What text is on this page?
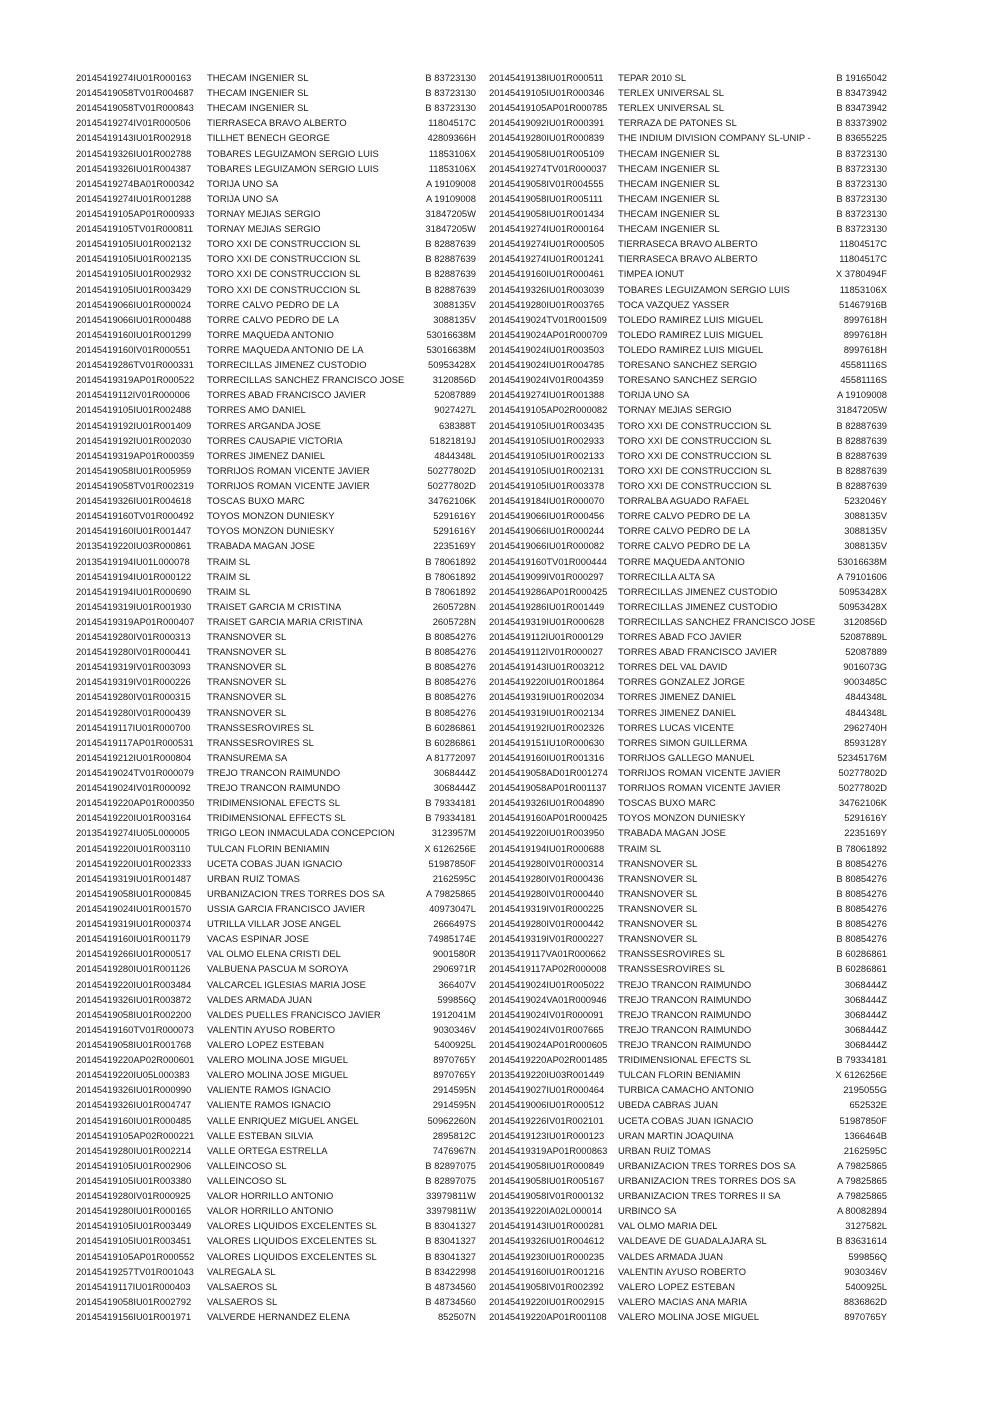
20145419274IU01R000163	THECAM INGENIER SL	B 83723130
20145419058TV01R004687	THECAM INGENIER SL	B 83723130
20145419058TV01R000843	THECAM INGENIER SL	B 83723130
20145419274IV01R000506	TIERRASECA BRAVO ALBERTO	11804517C
20145419143IU01R002918	TILLHET BENECH GEORGE	42809366H
20145419326IU01R002788	TOBARES LEGUIZAMON SERGIO LUIS	11853106X
20145419326IU01R004387	TOBARES LEGUIZAMON SERGIO LUIS	11853106X
20145419274BA01R000342	TORIJA UNO SA	A 19109008
20145419274IU01R001288	TORIJA UNO SA	A 19109008
20145419105AP01R000933	TORNAY MEJIAS SERGIO	31847205W
20145419105TV01R000811	TORNAY MEJIAS SERGIO	31847205W
20145419105IU01R002132	TORO XXI DE CONSTRUCCION SL	B 82887639
20145419105IU01R002135	TORO XXI DE CONSTRUCCION SL	B 82887639
20145419105IU01R002932	TORO XXI DE CONSTRUCCION SL	B 82887639
20145419105IU01R003429	TORO XXI DE CONSTRUCCION SL	B 82887639
20145419066IU01R000024	TORRE CALVO PEDRO DE LA	3088135V
20145419066IU01R000488	TORRE CALVO PEDRO DE LA	3088135V
20145419160IU01R001299	TORRE MAQUEDA ANTONIO	53016638M
20145419160IV01R000551	TORRE MAQUEDA ANTONIO DE LA	53016638M
20145419286TV01R000331	TORRECILLAS JIMENEZ CUSTODIO	50953428X
20145419319AP01R000522	TORRECILLAS SANCHEZ FRANCISCO JOSE	3120856D
20145419112IV01R000006	TORRES ABAD FRANCISCO JAVIER	52087889
20145419105IU01R002488	TORRES AMO DANIEL	9027427L
20145419192IU01R001409	TORRES ARGANDA JOSE	638388T
20145419192IU01R002030	TORRES CAUSAPIE VICTORIA	51821819J
20145419319AP01R000359	TORRES JIMENEZ DANIEL	4844348L
20145419058IU01R005959	TORRIJOS ROMAN VICENTE JAVIER	50277802D
20145419058TV01R002319	TORRIJOS ROMAN VICENTE JAVIER	50277802D
20145419326IU01R004618	TOSCAS BUXO MARC	34762106K
20145419160TV01R000492	TOYOS MONZON DUNIESKY	5291616Y
20145419160IU01R001447	TOYOS MONZON DUNIESKY	5291616Y
20135419220IU03R000861	TRABADA MAGAN JOSE	2235169Y
20135419194IU01L000078	TRAIM SL	B 78061892
20145419194IU01R000122	TRAIM SL	B 78061892
20145419194IU01R000690	TRAIM SL	B 78061892
20145419319IU01R001930	TRAISET GARCIA M CRISTINA	2605728N
20145419319AP01R000407	TRAISET GARCIA MARIA CRISTINA	2605728N
20145419280IV01R000313	TRANSNOVER SL	B 80854276
20145419280IV01R000441	TRANSNOVER SL	B 80854276
20145419319IV01R003093	TRANSNOVER SL	B 80854276
20145419319IV01R000226	TRANSNOVER SL	B 80854276
20145419280IV01R000315	TRANSNOVER SL	B 80854276
20145419280IV01R000439	TRANSNOVER SL	B 80854276
20145419117IU01R000700	TRANSSESROVIRES SL	B 60286861
20145419117AP01R000531	TRANSSESROVIRES SL	B 60286861
20145419212IU01R000804	TRANSUREMA SA	A 81772097
20145419024TV01R000079	TREJO TRANCON RAIMUNDO	3068444Z
20145419024IV01R000092	TREJO TRANCON RAIMUNDO	3068444Z
20145419220AP01R000350	TRIDIMENSIONAL EFECTS SL	B 79334181
20145419220IU01R003164	TRIDIMENSIONAL EFFECTS SL	B 79334181
20135419274IU05L000005	TRIGO LEON INMACULADA CONCEPCION	3123957M
20145419220IU01R003110	TULCAN FLORIN BENIAMIN	X 6126256E
20145419220IU01R002333	UCETA COBAS JUAN IGNACIO	51987850F
20145419319IU01R001487	URBAN RUIZ TOMAS	2162595C
20145419058IU01R000845	URBANIZACION TRES TORRES DOS SA	A 79825865
20145419024IU01R001570	USSIA GARCIA FRANCISCO JAVIER	40973047L
20145419319IU01R000374	UTRILLA VILLAR JOSE ANGEL	2666497S
20145419160IU01R001179	VACAS ESPINAR JOSE	74985174E
20145419266IU01R000517	VAL OLMO ELENA CRISTI DEL	9001580R
20145419280IU01R001126	VALBUENA PASCUA M SOROYA	2906971R
20145419220IU01R003484	VALCARCEL IGLESIAS MARIA JOSE	366407V
20145419326IU01R003872	VALDES ARMADA JUAN	599856Q
20145419058IU01R002200	VALDES PUELLES FRANCISCO JAVIER	1912041M
20145419160TV01R000073	VALENTIN AYUSO ROBERTO	9030346V
20145419058IU01R001768	VALERO LOPEZ ESTEBAN	5400925L
20145419220AP02R000601	VALERO MOLINA JOSE MIGUEL	8970765Y
20145419220IU05L000383	VALERO MOLINA JOSE MIGUEL	8970765Y
20145419326IU01R000990	VALIENTE RAMOS IGNACIO	2914595N
20145419326IU01R004747	VALIENTE RAMOS IGNACIO	2914595N
20145419160IU01R000485	VALLE ENRIQUEZ MIGUEL ANGEL	50962260N
20145419105AP02R000221	VALLE ESTEBAN SILVIA	2895812C
20145419280IU01R002214	VALLE ORTEGA ESTRELLA	7476967N
20145419105IU01R002906	VALLEINCOSO SL	B 82897075
20145419105IU01R003380	VALLEINCOSO SL	B 82897075
20145419280IV01R000925	VALOR HORRILLO ANTONIO	33979811W
20145419280IU01R000165	VALOR HORRILLO ANTONIO	33979811W
20145419105IU01R003449	VALORES LIQUIDOS EXCELENTES SL	B 83041327
20145419105IU01R003451	VALORES LIQUIDOS EXCELENTES SL	B 83041327
20145419105AP01R000552	VALORES LIQUIDOS EXCELENTES SL	B 83041327
20145419257TV01R001043	VALREGALA SL	B 83422998
20145419117IU01R000403	VALSAEROS SL	B 48734560
20145419058IU01R002792	VALSAEROS SL	B 48734560
20145419156IU01R001971	VALVERDE HERNANDEZ ELENA	852507N
20145419138IU01R000511	TEPAR 2010 SL	B 19165042
20145419105IU01R000346	TERLEX UNIVERSAL SL	B 83473942
20145419105AP01R000785	TERLEX UNIVERSAL SL	B 83473942
20145419092IU01R000391	TERRAZA DE PATONES SL	B 83373902
20145419280IU01R000839	THE INDIUM DIVISION COMPANY SL-UNIP -	B 83655225
20145419058IU01R005109	THECAM INGENIER SL	B 83723130
20145419274TV01R000037	THECAM INGENIER SL	B 83723130
20145419058IV01R004555	THECAM INGENIER SL	B 83723130
20145419058IU01R005111	THECAM INGENIER SL	B 83723130
20145419058IU01R001434	THECAM INGENIER SL	B 83723130
20145419274IU01R000164	THECAM INGENIER SL	B 83723130
20145419274IU01R000505	TIERRASECA BRAVO ALBERTO	11804517C
20145419274IU01R001241	TIERRASECA BRAVO ALBERTO	11804517C
20145419160IU01R000461	TIMPEA IONUT	X 3780494F
20145419326IU01R003039	TOBARES LEGUIZAMON SERGIO LUIS	11853106X
20145419280IU01R003765	TOCA VAZQUEZ YASSER	51467916B
20145419024TV01R001509	TOLEDO RAMIREZ LUIS MIGUEL	8997618H
20145419024AP01R000709	TOLEDO RAMIREZ LUIS MIGUEL	8997618H
20145419024IU01R003503	TOLEDO RAMIREZ LUIS MIGUEL	8997618H
20145419024IU01R004785	TORESANO SANCHEZ SERGIO	45581116S
20145419024IV01R004359	TORESANO SANCHEZ SERGIO	45581116S
20145419274IU01R001388	TORIJA UNO SA	A 19109008
20145419105AP02R000082	TORNAY MEJIAS SERGIO	31847205W
20145419105IU01R003435	TORO XXI DE CONSTRUCCION SL	B 82887639
20145419105IU01R002933	TORO XXI DE CONSTRUCCION SL	B 82887639
20145419105IU01R002133	TORO XXI DE CONSTRUCCION SL	B 82887639
20145419105IU01R002131	TORO XXI DE CONSTRUCCION SL	B 82887639
20145419105IU01R003378	TORO XXI DE CONSTRUCCION SL	B 82887639
20145419184IU01R000070	TORRALBA AGUADO RAFAEL	5232046Y
20145419066IU01R000456	TORRE CALVO PEDRO DE LA	3088135V
20145419066IU01R000244	TORRE CALVO PEDRO DE LA	3088135V
20145419066IU01R000082	TORRE CALVO PEDRO DE LA	3088135V
20145419160TV01R000444	TORRE MAQUEDA ANTONIO	53016638M
20145419099IV01R000297	TORRECILLA ALTA SA	A 79101606
20145419286AP01R000425	TORRECILLAS JIMENEZ CUSTODIO	50953428X
20145419286IU01R001449	TORRECILLAS JIMENEZ CUSTODIO	50953428X
20145419319IU01R000628	TORRECILLAS SANCHEZ FRANCISCO JOSE	3120856D
20145419112IU01R000129	TORRES ABAD FCO JAVIER	52087889L
20145419112IV01R000027	TORRES ABAD FRANCISCO JAVIER	52087889
20145419143IU01R003212	TORRES DEL VAL DAVID	9016073G
20145419220IU01R001864	TORRES GONZALEZ JORGE	9003485C
20145419319IU01R002034	TORRES JIMENEZ DANIEL	4844348L
20145419319IU01R002134	TORRES JIMENEZ DANIEL	4844348L
20145419192IU01R002326	TORRES LUCAS VICENTE	2962740H
20145419151IU10R000630	TORRES SIMON GUILLERMA	8593128Y
20145419160IU01R001316	TORRIJOS GALLEGO MANUEL	52345176M
20145419058AD01R001274	TORRIJOS ROMAN VICENTE JAVIER	50277802D
20145419058AP01R001137	TORRIJOS ROMAN VICENTE JAVIER	50277802D
20145419326IU01R004890	TOSCAS BUXO MARC	34762106K
20145419160AP01R000425	TOYOS MONZON DUNIESKY	5291616Y
20145419220IU01R003950	TRABADA MAGAN JOSE	2235169Y
20145419194IU01R000688	TRAIM SL	B 78061892
20145419280IV01R000314	TRANSNOVER SL	B 80854276
20145419280IV01R000436	TRANSNOVER SL	B 80854276
20145419280IV01R000440	TRANSNOVER SL	B 80854276
20145419319IV01R000225	TRANSNOVER SL	B 80854276
20145419280IV01R000442	TRANSNOVER SL	B 80854276
20145419319IV01R000227	TRANSNOVER SL	B 80854276
20135419117VA01R000662	TRANSSESROVIRES SL	B 60286861
20145419117AP02R000008	TRANSSESROVIRES SL	B 60286861
20145419024IU01R005022	TREJO TRANCON RAIMUNDO	3068444Z
20145419024VA01R000946	TREJO TRANCON RAIMUNDO	3068444Z
20145419024IV01R000091	TREJO TRANCON RAIMUNDO	3068444Z
20145419024IV01R007665	TREJO TRANCON RAIMUNDO	3068444Z
20145419024AP01R000605	TREJO TRANCON RAIMUNDO	3068444Z
20145419220AP02R001485	TRIDIMENSIONAL EFECTS SL	B 79334181
20135419220IU03R001449	TULCAN FLORIN BENIAMIN	X 6126256E
20145419027IU01R000464	TURBICA CAMACHO ANTONIO	2195055G
20145419006IU01R000512	UBEDA CABRAS JUAN	652532E
20145419226IV01R002101	UCETA COBAS JUAN IGNACIO	51987850F
20145419123IU01R000123	URAN MARTIN JOAQUINA	1366464B
20145419319AP01R000863	URBAN RUIZ TOMAS	2162595C
20145419058IU01R000849	URBANIZACION TRES TORRES DOS SA	A 79825865
20145419058IU01R005167	URBANIZACION TRES TORRES DOS SA	A 79825865
20145419058IV01R000132	URBANIZACION TRES TORRES II SA	A 79825865
20135419220IA02L000014	URBINCO SA	A 80082894
20145419143IU01R000281	VAL OLMO MARIA DEL	3127582L
20145419326IU01R004612	VALDEAVE DE GUADALAJARA SL	B 83631614
20145419230IU01R000235	VALDES ARMADA JUAN	599856Q
20145419160IU01R001216	VALENTIN AYUSO ROBERTO	9030346V
20145419058IV01R002392	VALERO LOPEZ ESTEBAN	5400925L
20145419220IU01R002915	VALERO MACIAS ANA MARIA	8836862D
20145419220AP01R001108	VALERO MOLINA JOSE MIGUEL	8970765Y
